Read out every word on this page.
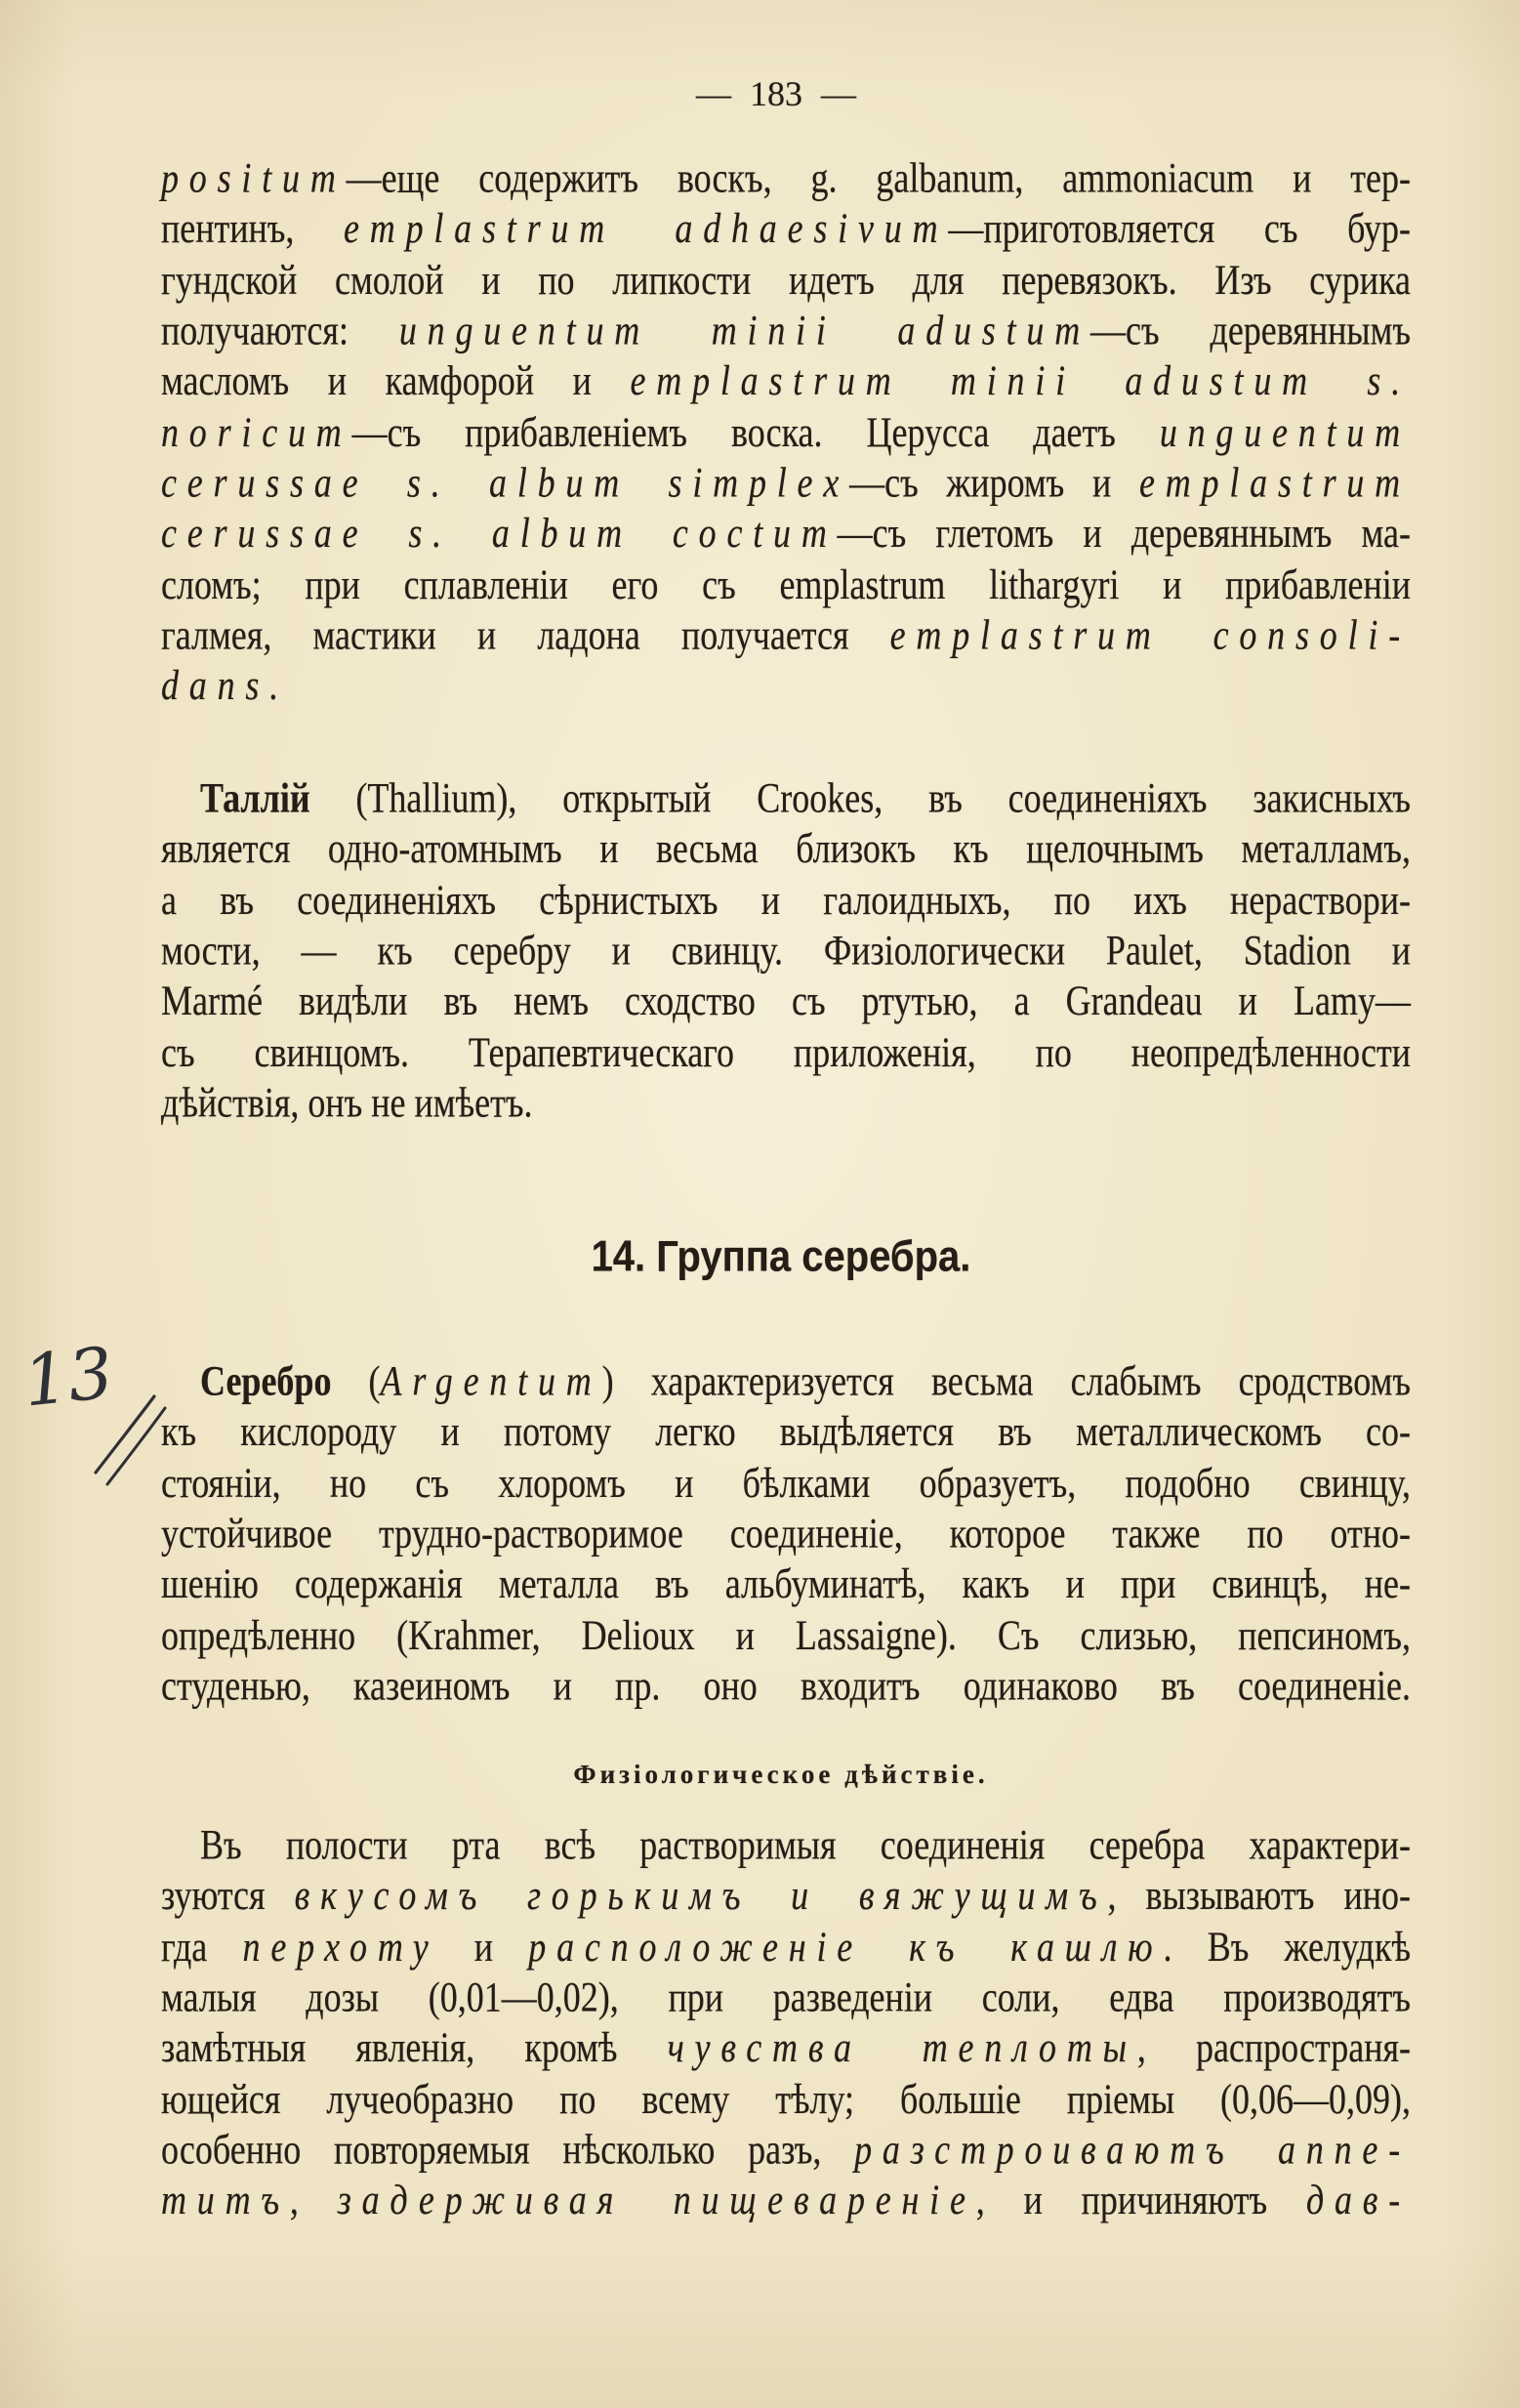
— 183 —
positum—еще содержитъ воскъ, g. galbanum, ammoniacum и тер-
пентинъ, emplastrum adhaesivum—приготовляется съ бур-
гундской смолой и по липкости идетъ для перевязокъ. Изъ сурика
получаются: unguentum minii adustum—съ деревяннымъ
масломъ и камфорой и emplastrum minii adustum s.
noricum—съ прибавленіемъ воска. Церусса даетъ unguentum
cerussae s. album simplex—съ жиромъ и emplastrum
cerussae s. album coctum—съ глетомъ и деревяннымъ ма-
сломъ; при сплавленіи его съ emplastrum lithargyri и прибавленіи
галмея, мастики и ладона получается emplastrum consoli-
dans.
Таллій (Thallium), открытый Crookes, въ соединеніяхъ закисныхъ
является одно-атомнымъ и весьма близокъ къ щелочнымъ металламъ,
а въ соединеніяхъ сѣрнистыхъ и галоидныхъ, по ихъ нераствори-
мости, — къ серебру и свинцу. Физіологически Paulet, Stadion и
Marmé видѣли въ немъ сходство съ ртутью, а Grandeau и Lamy—
съ свинцомъ. Терапевтическаго приложенія, по неопредѣленности
дѣйствія, онъ не имѣетъ.
14. Группа серебра.
Серебро (Argentum) характеризуется весьма слабымъ сродствомъ
къ кислороду и потому легко выдѣляется въ металлическомъ со-
стояніи, но съ хлоромъ и бѣлками образуетъ, подобно свинцу,
устойчивое трудно-растворимое соединеніе, которое также по отно-
шенію содержанія металла въ альбуминатѣ, какъ и при свинцѣ, не-
опредѣленно (Krahmer, Delioux и Lassaigne). Съ слизью, пепсиномъ,
студенью, казеиномъ и пр. оно входитъ одинаково въ соединеніе.
Физіологическое дѣйствіе.
Въ полости рта всѣ растворимыя соединенія серебра характери-
зуются вкусомъ горькимъ и вяжущимъ, вызываютъ ино-
гда перхоту и расположеніе къ кашлю. Въ желудкѣ
малыя дозы (0,01—0,02), при разведеніи соли, едва производятъ
замѣтныя явленія, кромѣ чувства теплоты, распространя-
ющейся лучеобразно по всему тѣлу; большіе пріемы (0,06—0,09),
особенно повторяемыя нѣсколько разъ, разстроиваютъ аппе-
титъ, задерживая пищевареніе, и причиняютъ дав-
13
